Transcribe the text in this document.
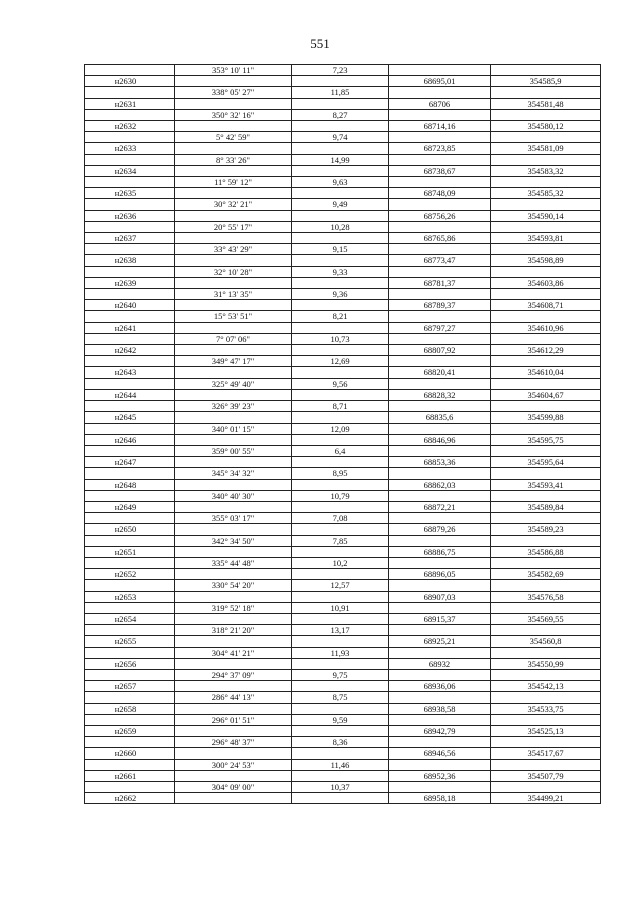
551
	353° 10' 11"	7,23		
н2630			68695,01	354585,9
	338° 05' 27"	11,85		
н2631			68706	354581,48
	350° 32' 16"	8,27		
н2632			68714,16	354580,12
	5° 42' 59"	9,74		
н2633			68723,85	354581,09
	8° 33' 26"	14,99		
н2634			68738,67	354583,32
	11° 59' 12"	9,63		
н2635			68748,09	354585,32
	30° 32' 21"	9,49		
н2636			68756,26	354590,14
	20° 55' 17"	10,28		
н2637			68765,86	354593,81
	33° 43' 29"	9,15		
н2638			68773,47	354598,89
	32° 10' 28"	9,33		
н2639			68781,37	354603,86
	31° 13' 35"	9,36		
н2640			68789,37	354608,71
	15° 53' 51"	8,21		
н2641			68797,27	354610,96
	7° 07' 06"	10,73		
н2642			68807,92	354612,29
	349° 47' 17"	12,69		
н2643			68820,41	354610,04
	325° 49' 40"	9,56		
н2644			68828,32	354604,67
	326° 39' 23"	8,71		
н2645			68835,6	354599,88
	340° 01' 15"	12,09		
н2646			68846,96	354595,75
	359° 00' 55"	6,4		
н2647			68853,36	354595,64
	345° 34' 32"	8,95		
н2648			68862,03	354593,41
	340° 40' 30"	10,79		
н2649			68872,21	354589,84
	355° 03' 17"	7,08		
н2650			68879,26	354589,23
	342° 34' 50"	7,85		
н2651			68886,75	354586,88
	335° 44' 48"	10,2		
н2652			68896,05	354582,69
	330° 54' 20"	12,57		
н2653			68907,03	354576,58
	319° 52' 18"	10,91		
н2654			68915,37	354569,55
	318° 21' 20"	13,17		
н2655			68925,21	354560,8
	304° 41' 21"	11,93		
н2656			68932	354550,99
	294° 37' 09"	9,75		
н2657			68936,06	354542,13
	286° 44' 13"	8,75		
н2658			68938,58	354533,75
	296° 01' 51"	9,59		
н2659			68942,79	354525,13
	296° 48' 37"	8,36		
н2660			68946,56	354517,67
	300° 24' 53"	11,46		
н2661			68952,36	354507,79
	304° 09' 00"	10,37		
н2662			68958,18	354499,21
